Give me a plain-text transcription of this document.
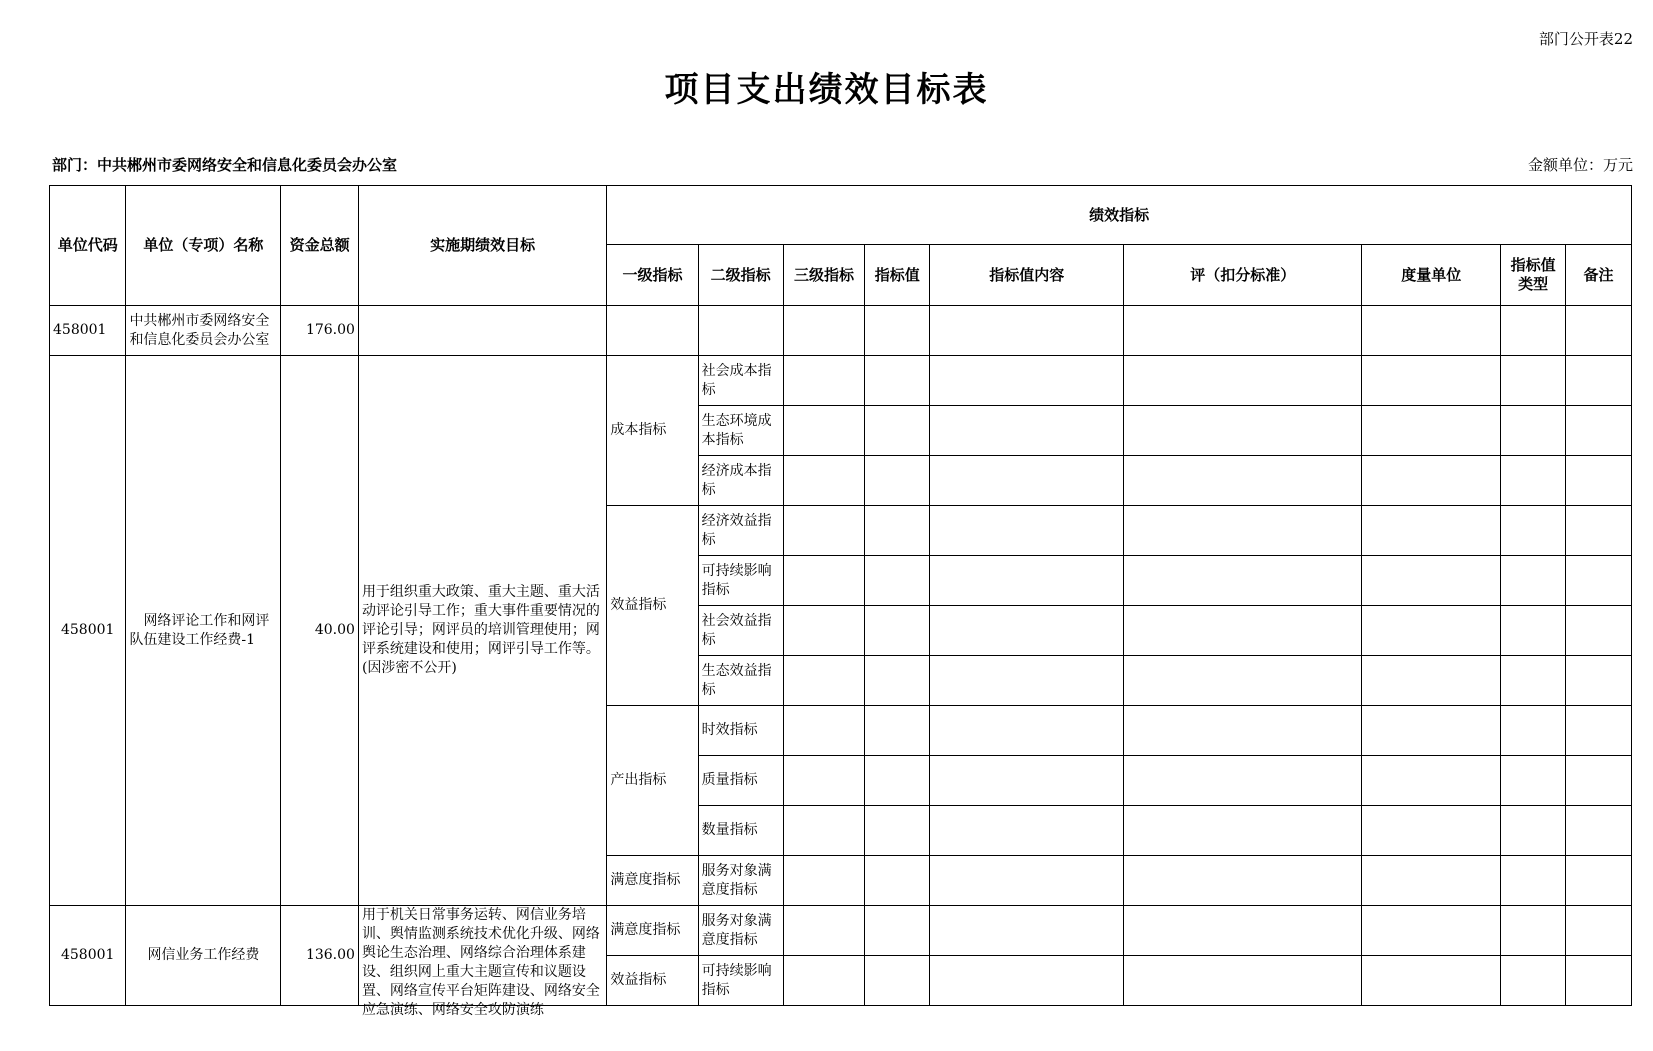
部门公开表22
项目支出绩效目标表
部门：中共郴州市委网络安全和信息化委员会办公室	金额单位：万元
单位代码	单位（专项）名称	资金总额	实施期绩效目标	绩效指标								
				一级指标	二级指标	三级指标	指标值	指标值内容	评（扣分标准）	度量单位	指标值类型	备注
458001	中共郴州市委网络安全和信息化委员会办公室	176.00										
458001	网络评论工作和网评队伍建设工作经费-1	40.00	用于组织重大政策、重大主题、重大活动评论引导工作；重大事件重要情况的评论引导；网评员的培训管理使用；网评系统建设和使用；网评引导工作等。(因涉密不公开)	成本指标	社会成本指标							
					生态环境成本指标							
					经济成本指标							
				效益指标	经济效益指标							
					可持续影响指标							
					社会效益指标							
					生态效益指标							
				产出指标	时效指标							
					质量指标							
					数量指标							
				满意度指标	服务对象满意度指标							
458001	网信业务工作经费	136.00	用于机关日常事务运转、网信业务培训、舆情监测系统技术优化升级、网络舆论生态治理、网络综合治理体系建设、组织网上重大主题宣传和议题设置、网络宣传平台矩阵建设、网络安全应急演练、网络安全攻防演练	满意度指标	服务对象满意度指标							
				效益指标	可持续影响指标							
